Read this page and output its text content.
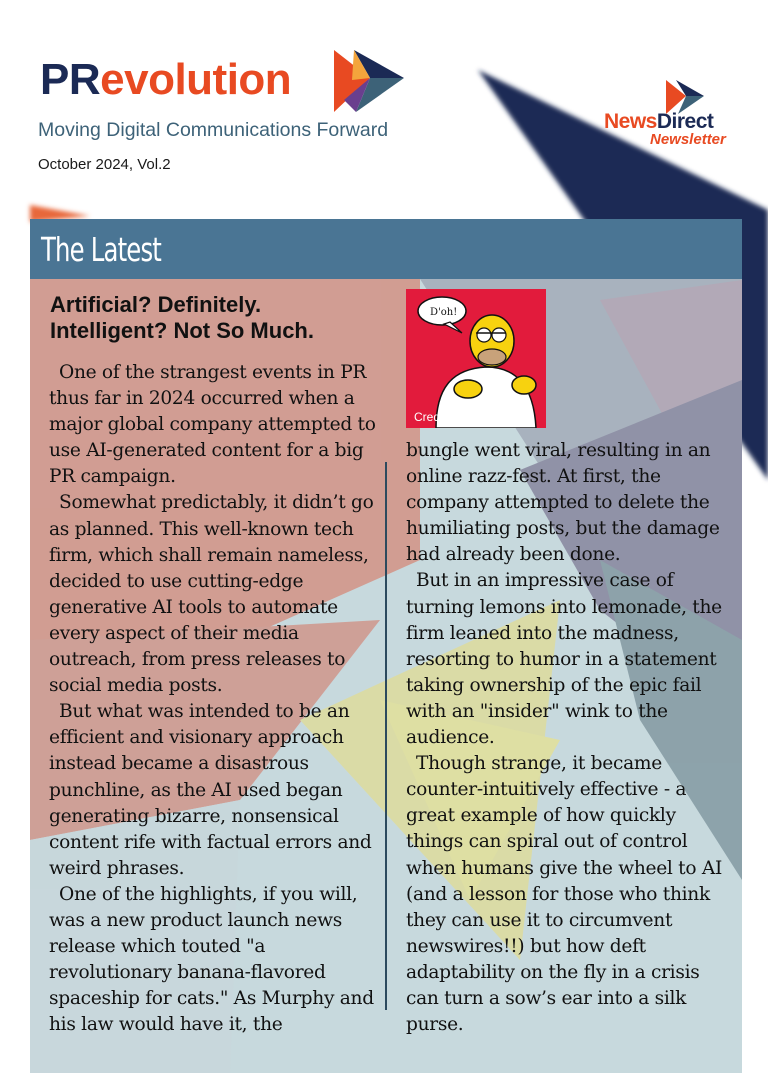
PRevolution
Moving Digital Communications Forward
October 2024, Vol.2
NewsDirect
Newsletter
The Latest
Artificial? Definitely.
Intelligent? Not So Much.

One of the strangest events in PR thus far in 2024 occurred when a major global company attempted to use AI-generated content for a big PR campaign.

Somewhat predictably, it didn’t go as planned. This well-known tech firm, which shall remain nameless, decided to use cutting-edge generative AI tools to automate every aspect of their media outreach, from press releases to social media posts.

But what was intended to be an efficient and visionary approach instead became a disastrous punchline, as the AI used began generating bizarre, nonsensical content rife with factual errors and weird phrases.

One of the highlights, if you will, was a new product launch news release which touted "a revolutionary banana-flavored spaceship for cats." As Murphy and his law would have it, the

D'oh!
Credit: Wikisimpsons

bungle went viral, resulting in an online razz-fest. At first, the company attempted to delete the humiliating posts, but the damage had already been done.

But in an impressive case of turning lemons into lemonade, the firm leaned into the madness, resorting to humor in a statement taking ownership of the epic fail with an "insider" wink to the audience.

Though strange, it became counter-intuitively effective - a great example of how quickly things can spiral out of control when humans give the wheel to AI (and a lesson for those who think they can use it to circumvent newswires!!) but how deft adaptability on the fly in a crisis can turn a sow’s ear into a silk purse.
